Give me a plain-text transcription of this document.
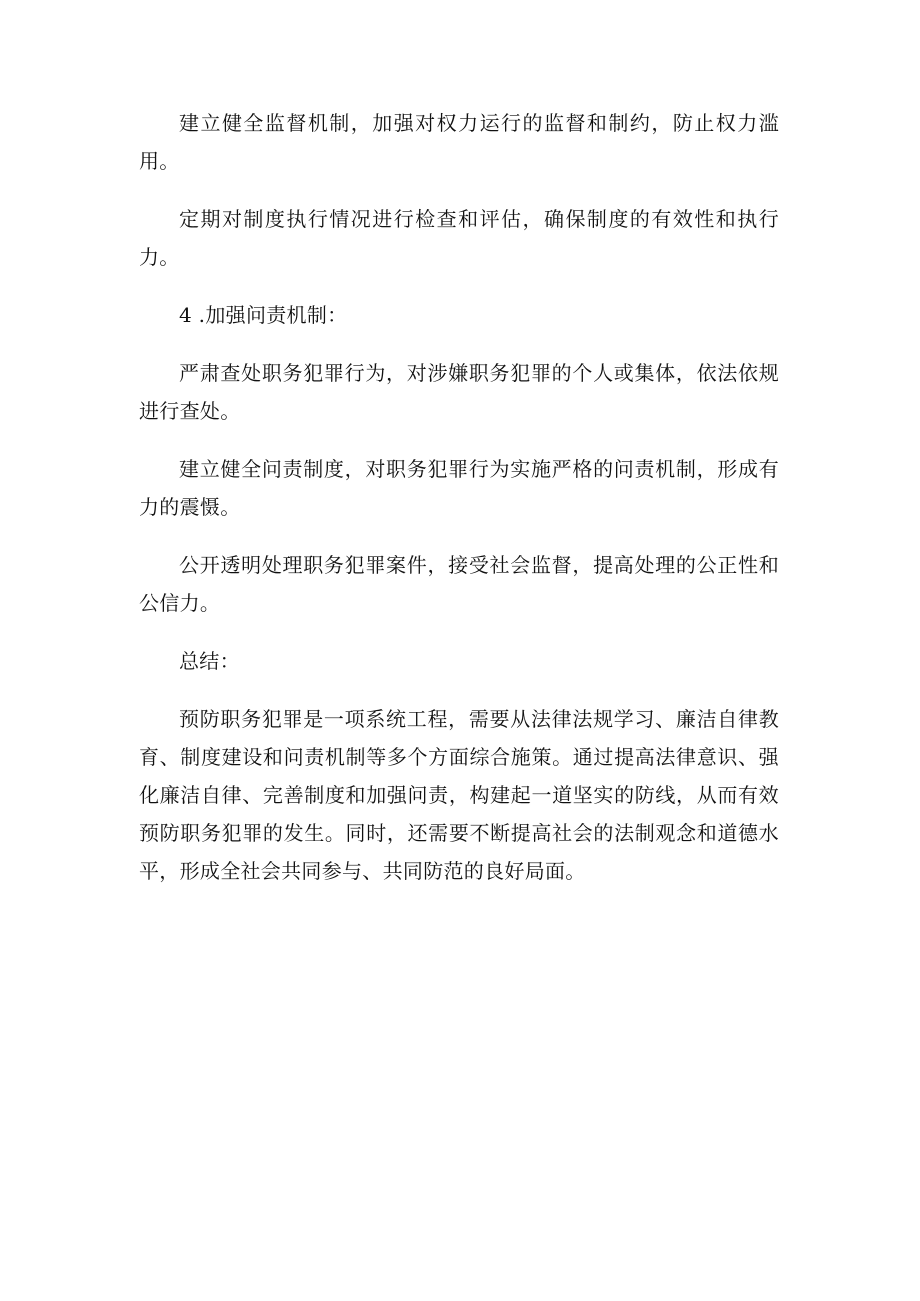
建立健全监督机制，加强对权力运行的监督和制约，防止权力滥用。

定期对制度执行情况进行检查和评估，确保制度的有效性和执行力。

4 .加强问责机制：

严肃查处职务犯罪行为，对涉嫌职务犯罪的个人或集体，依法依规进行查处。

建立健全问责制度，对职务犯罪行为实施严格的问责机制，形成有力的震慑。

公开透明处理职务犯罪案件，接受社会监督，提高处理的公正性和公信力。

总结：

预防职务犯罪是一项系统工程，需要从法律法规学习、廉洁自律教育、制度建设和问责机制等多个方面综合施策。通过提高法律意识、强化廉洁自律、完善制度和加强问责，构建起一道坚实的防线，从而有效预防职务犯罪的发生。同时，还需要不断提高社会的法制观念和道德水平，形成全社会共同参与、共同防范的良好局面。
